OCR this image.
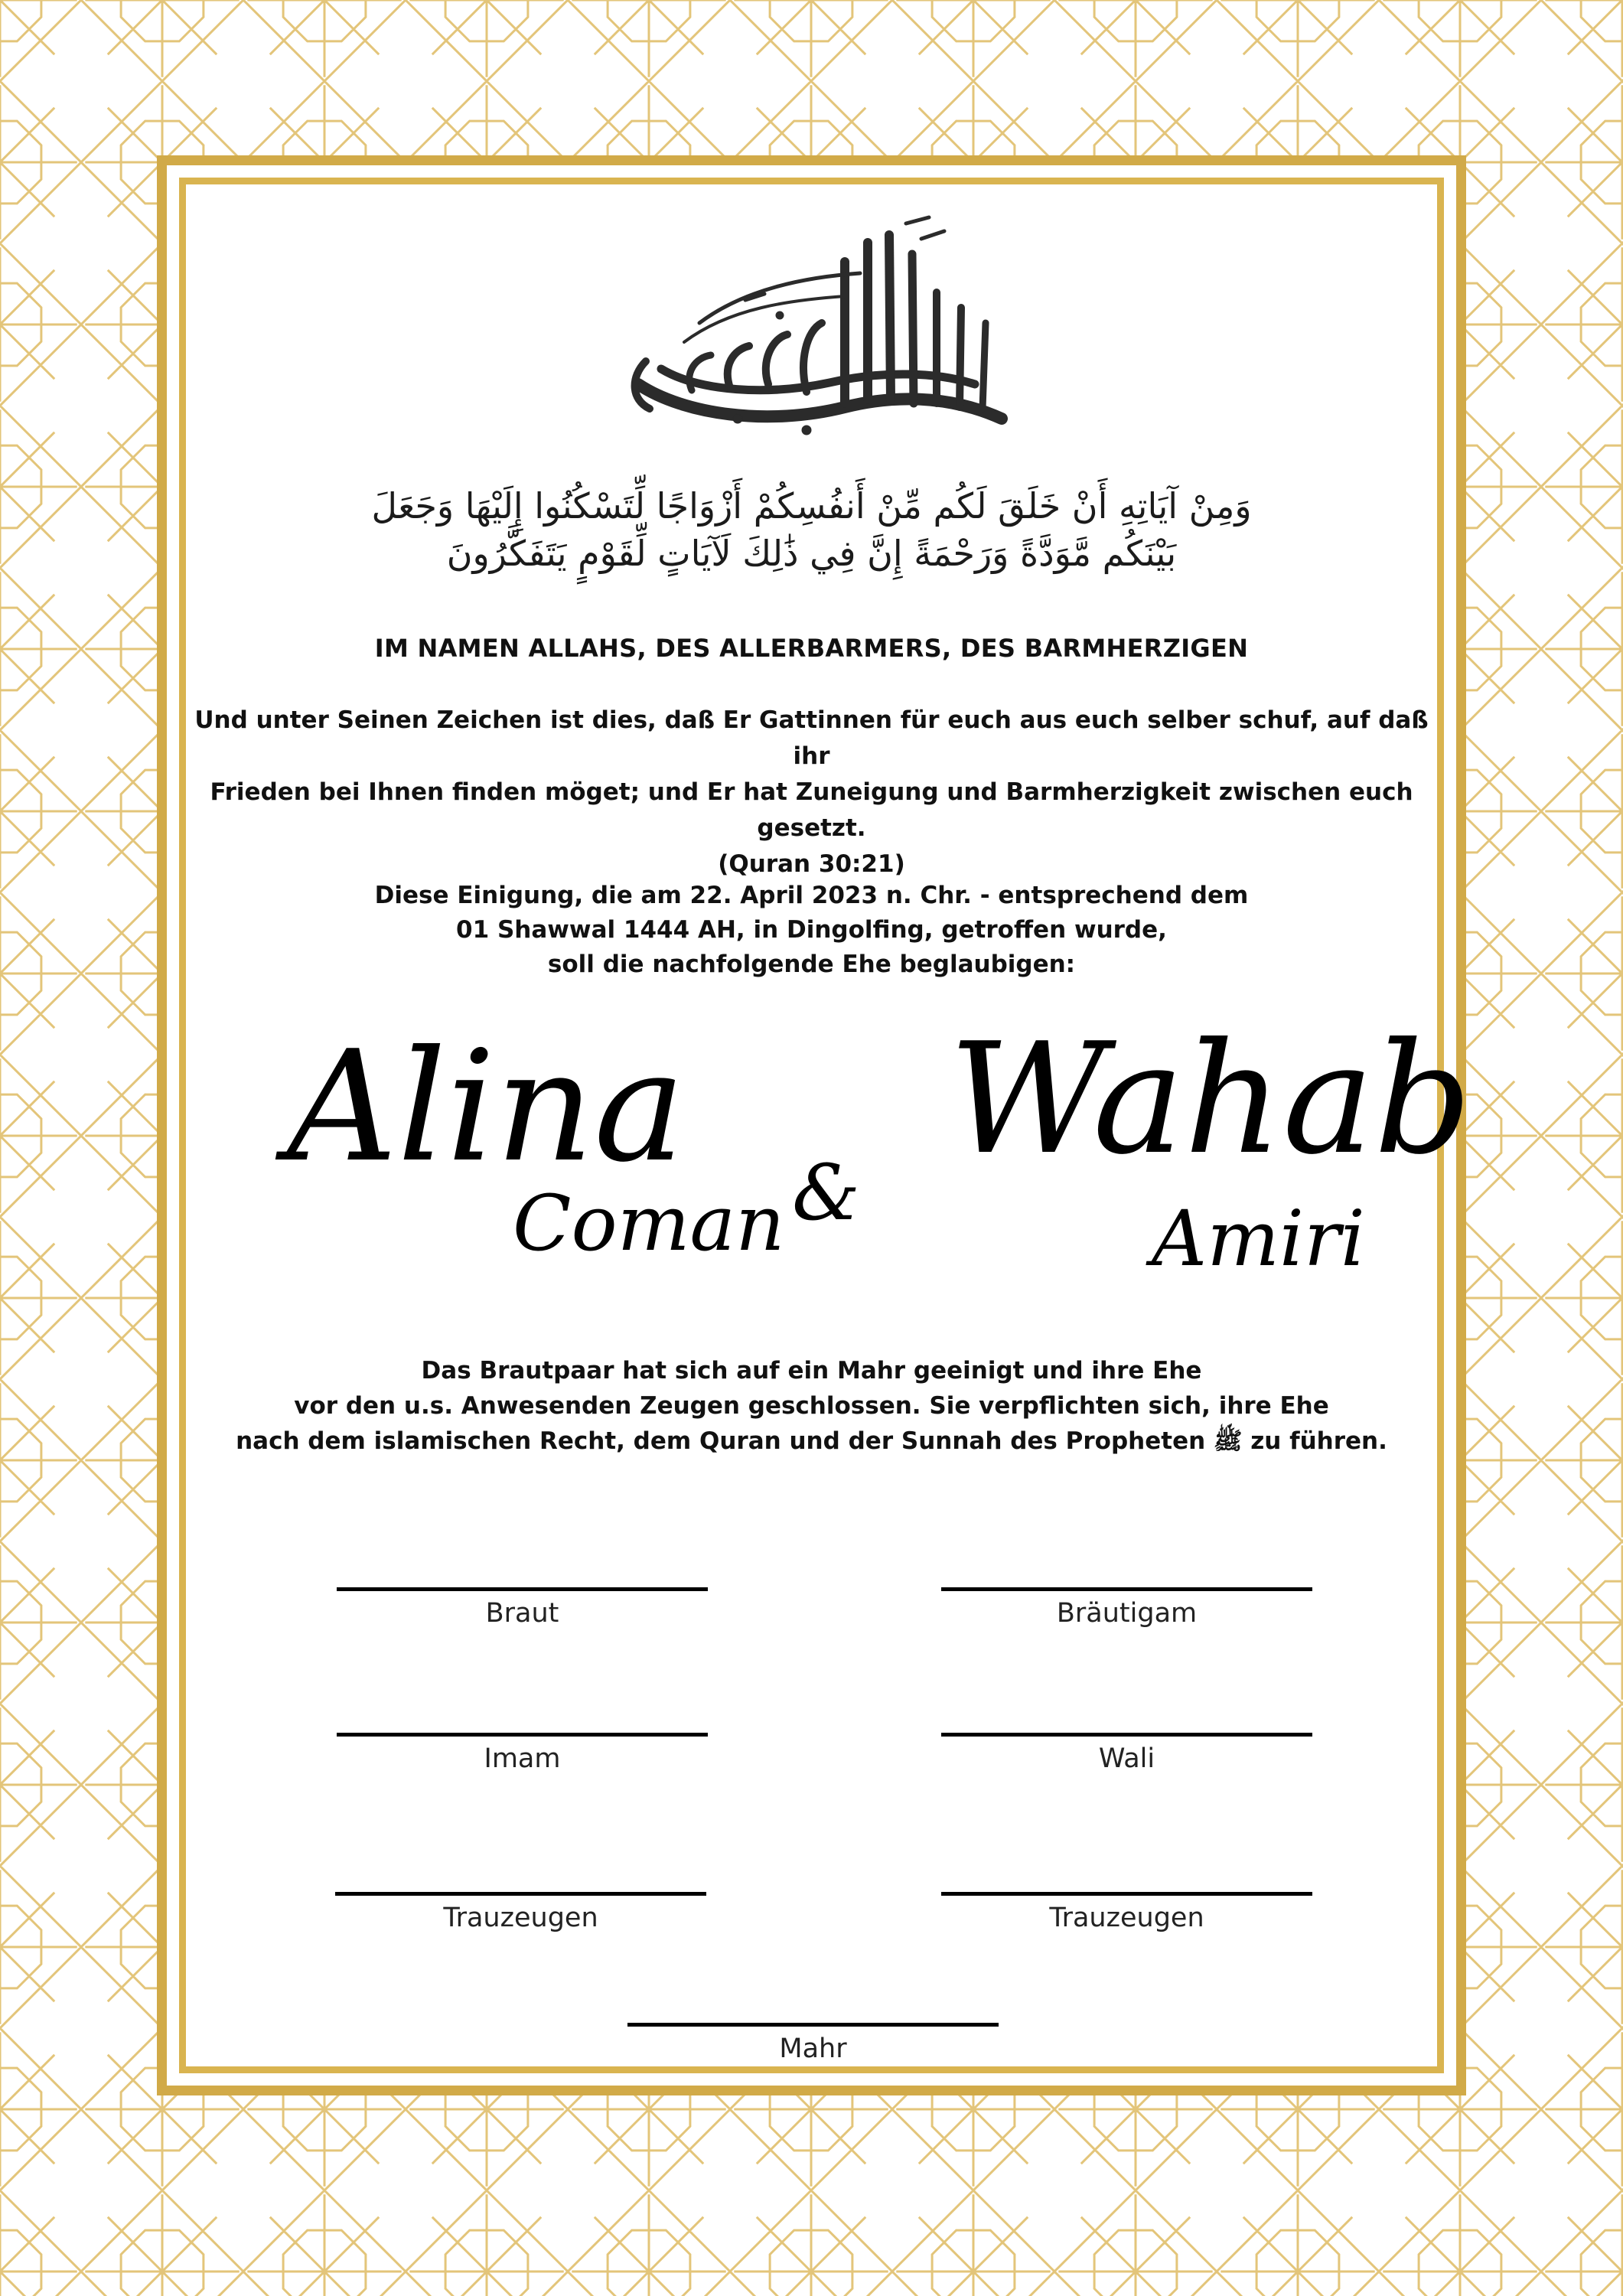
وَمِنْ آيَاتِهِ أَنْ خَلَقَ لَكُم مِّنْ أَنفُسِكُمْ أَزْوَاجًا لِّتَسْكُنُوا إِلَيْهَا وَجَعَلَ
بَيْنَكُم مَّوَدَّةً وَرَحْمَةً إِنَّ فِي ذَٰلِكَ لَآيَاتٍ لِّقَوْمٍ يَتَفَكَّرُونَ
IM NAMEN ALLAHS, DES ALLERBARMERS, DES BARMHERZIGEN
Und unter Seinen Zeichen ist dies, daß Er Gattinnen für euch aus euch selber schuf, auf daß ihr
Frieden bei Ihnen finden möget; und Er hat Zuneigung und Barmherzigkeit zwischen euch gesetzt.
(Quran 30:21)
Diese Einigung, die am 22. April 2023 n. Chr. - entsprechend dem
01 Shawwal 1444 AH, in Dingolfing, getroffen wurde,
soll die nachfolgende Ehe beglaubigen:
Alina
Coman &
Wahab
Amiri
Das Brautpaar hat sich auf ein Mahr geeinigt und ihre Ehe
vor den u.s. Anwesenden Zeugen geschlossen. Sie verpflichten sich, ihre Ehe
nach dem islamischen Recht, dem Quran und der Sunnah des Propheten ﷺ zu führen.
Braut	Bräutigam
Imam	Wali
Trauzeugen	Trauzeugen
Mahr
